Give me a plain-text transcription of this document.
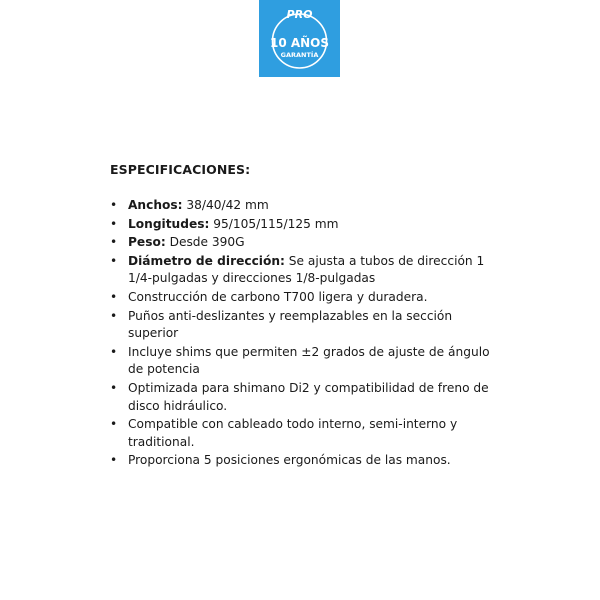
PRO
10 AÑOS
GARANTÍA
ESPECIFICACIONES:
• Anchos: 38/40/42 mm
• Longitudes: 95/105/115/125 mm
• Peso: Desde 390G
• Diámetro de dirección: Se ajusta a tubos de dirección 1 1/4-pulgadas y direcciones 1/8-pulgadas
• Construcción de carbono T700 ligera y duradera.
• Puños anti-deslizantes y reemplazables en la sección superior
• Incluye shims que permiten ±2 grados de ajuste de ángulo de potencia
• Optimizada para shimano Di2 y compatibilidad de freno de disco hidráulico.
• Compatible con cableado todo interno, semi-interno y traditional.
• Proporciona 5 posiciones ergonómicas de las manos.
